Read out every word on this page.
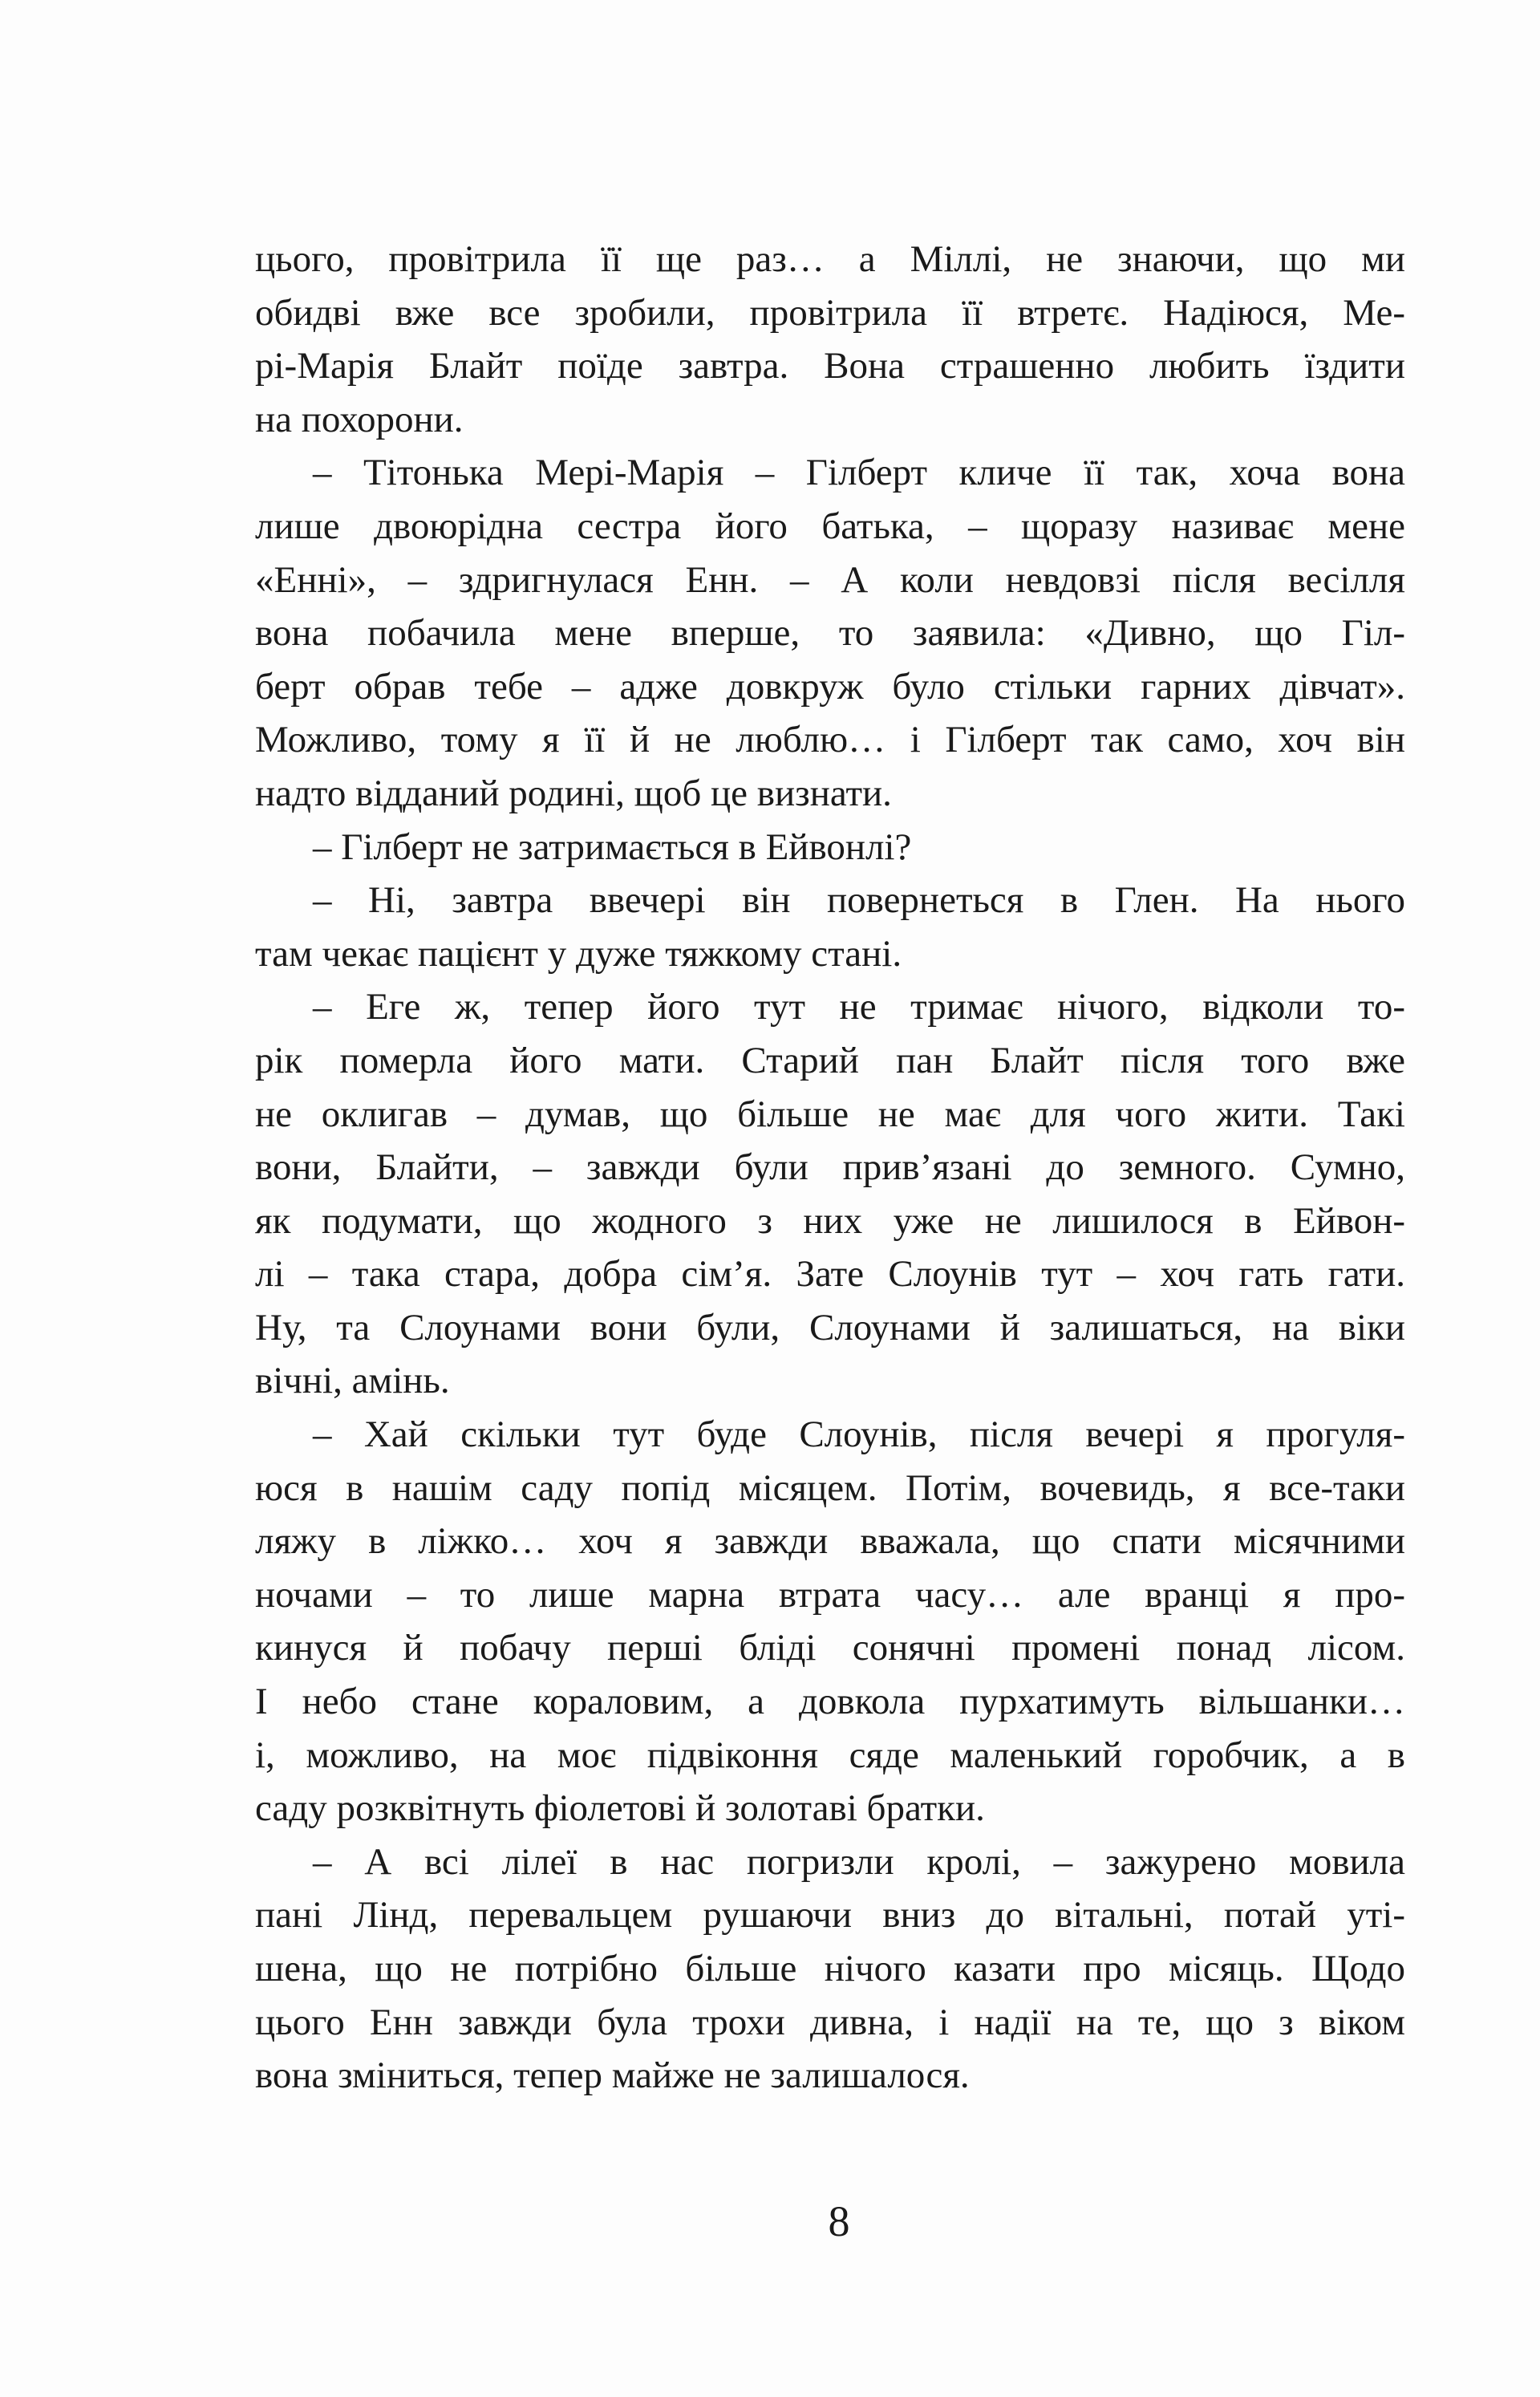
цього, провітрила її ще раз… а Міллі, не знаючи, що ми
обидві вже все зробили, провітрила її втретє. Надіюся, Ме-
рі-Марія Блайт поїде завтра. Вона страшенно любить їздити
на похорони.
– Тітонька Мері-Марія – Гілберт кличе її так, хоча вона
лише двоюрідна сестра його батька, – щоразу називає мене
«Енні», – здригнулася Енн. – А коли невдовзі після весілля
вона побачила мене вперше, то заявила: «Дивно, що Гіл-
берт обрав тебе – адже довкруж було стільки гарних дівчат».
Можливо, тому я її й не люблю… і Гілберт так само, хоч він
надто відданий родині, щоб це визнати.
– Гілберт не затримається в Ейвонлі?
– Ні, завтра ввечері він повернеться в Глен. На нього
там чекає пацієнт у дуже тяжкому стані.
– Еге ж, тепер його тут не тримає нічого, відколи то-
рік померла його мати. Старий пан Блайт після того вже
не оклигав – думав, що більше не має для чого жити. Такі
вони, Блайти, – завжди були прив’язані до земного. Сумно,
як подумати, що жодного з них уже не лишилося в Ейвон-
лі – така стара, добра сім’я. Зате Слоунів тут – хоч гать гати.
Ну, та Слоунами вони були, Слоунами й залишаться, на віки
вічні, амінь.
– Хай скільки тут буде Слоунів, після вечері я прогуля-
юся в нашім саду попід місяцем. Потім, вочевидь, я все-таки
ляжу в ліжко… хоч я завжди вважала, що спати місячними
ночами – то лише марна втрата часу… але вранці я про-
кинуся й побачу перші бліді сонячні промені понад лісом.
І небо стане кораловим, а довкола пурхатимуть вільшанки…
і, можливо, на моє підвіконня сяде маленький горобчик, а в
саду розквітнуть фіолетові й золотаві братки.
– А всі лілеї в нас погризли кролі, – зажурено мовила
пані Лінд, перевальцем рушаючи вниз до вітальні, потай уті-
шена, що не потрібно більше нічого казати про місяць. Щодо
цього Енн завжди була трохи дивна, і надії на те, що з віком
вона зміниться, тепер майже не залишалося.
8
